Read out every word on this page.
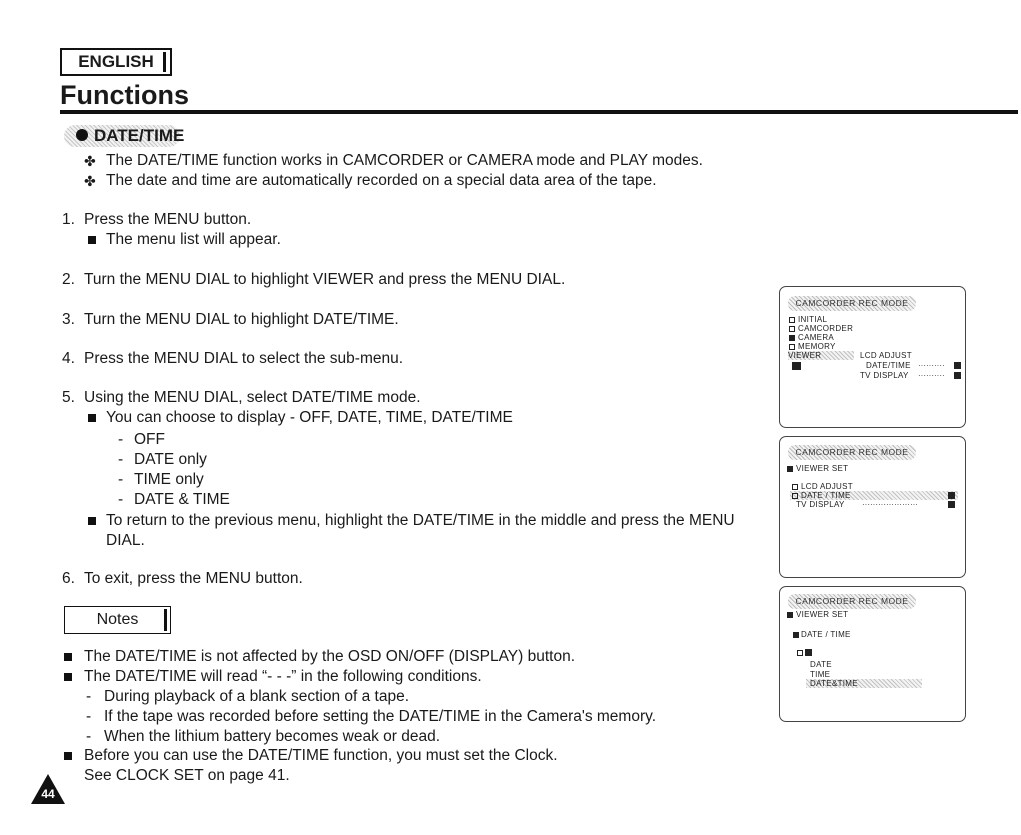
ENGLISH
Functions
DATE/TIME
✤ The DATE/TIME function works in CAMCORDER or CAMERA mode and PLAY modes.
✤ The date and time are automatically recorded on a special data area of the tape.
1. Press the MENU button.
The menu list will appear.
2. Turn the MENU DIAL to highlight VIEWER and press the MENU DIAL.
3. Turn the MENU DIAL to highlight DATE/TIME.
4. Press the MENU DIAL to select the sub-menu.
5. Using the MENU DIAL, select DATE/TIME mode.
You can choose to display - OFF, DATE, TIME, DATE/TIME
- OFF
- DATE only
- TIME only
- DATE & TIME
To return to the previous menu, highlight the DATE/TIME in the middle and press the MENU
DIAL.
6. To exit, press the MENU button.
Notes
The DATE/TIME is not affected by the OSD ON/OFF (DISPLAY) button.
The DATE/TIME will read “- - -” in the following conditions.
- During playback of a blank section of a tape.
- If the tape was recorded before setting the DATE/TIME in the Camera's memory.
- When the lithium battery becomes weak or dead.
Before you can use the DATE/TIME function, you must set the Clock.
See CLOCK SET on page 41.
44
CAMCORDER REC MODE
INITIAL
CAMCORDER
CAMERA
MEMORY
VIEWER	LCD ADJUST
DATE/TIME ··········
TV DISPLAY ··········
CAMCORDER REC MODE
VIEWER SET
LCD ADJUST
DATE / TIME
TV DISPLAY ·····················
CAMCORDER REC MODE
VIEWER SET
DATE / TIME
DATE
TIME
DATE&TIME
